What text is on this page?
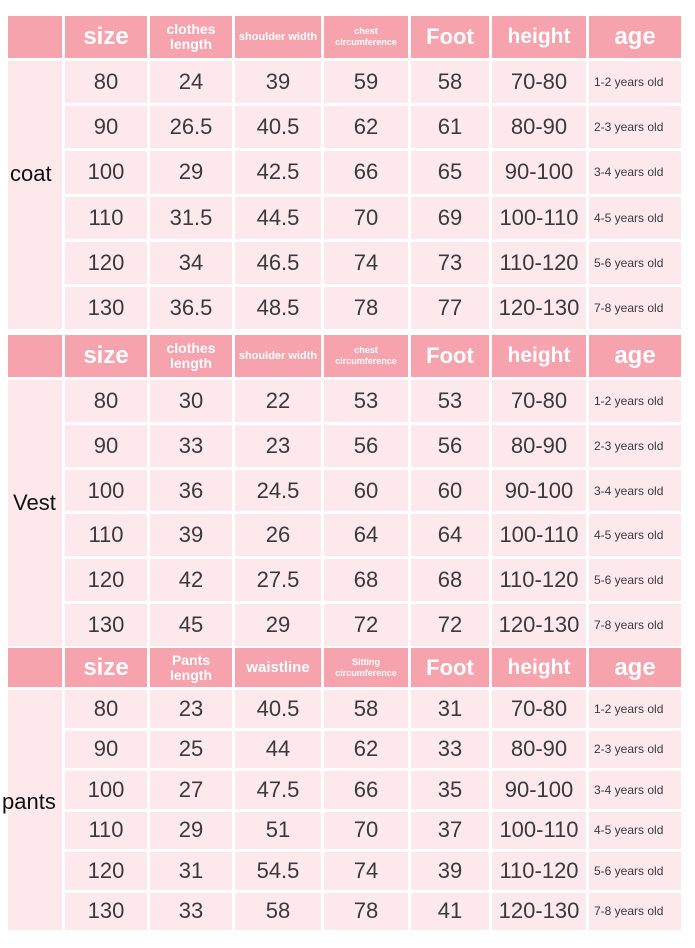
size	clothes length	shoulder width	chest circumference	Foot	height	age
80	24	39	59	58	70-80	1-2 years old
90	26.5	40.5	62	61	80-90	2-3 years old
100	29	42.5	66	65	90-100	3-4 years old
110	31.5	44.5	70	69	100-110	4-5 years old
120	34	46.5	74	73	110-120	5-6 years old
130	36.5	48.5	78	77	120-130	7-8 years old
coat
size	clothes length	shoulder width	chest circumference	Foot	height	age
80	30	22	53	53	70-80	1-2 years old
90	33	23	56	56	80-90	2-3 years old
100	36	24.5	60	60	90-100	3-4 years old
110	39	26	64	64	100-110	4-5 years old
120	42	27.5	68	68	110-120	5-6 years old
130	45	29	72	72	120-130	7-8 years old
Vest
size	Pants length	waistline	Sitting circumference	Foot	height	age
80	23	40.5	58	31	70-80	1-2 years old
90	25	44	62	33	80-90	2-3 years old
100	27	47.5	66	35	90-100	3-4 years old
110	29	51	70	37	100-110	4-5 years old
120	31	54.5	74	39	110-120	5-6 years old
130	33	58	78	41	120-130	7-8 years old
pants
